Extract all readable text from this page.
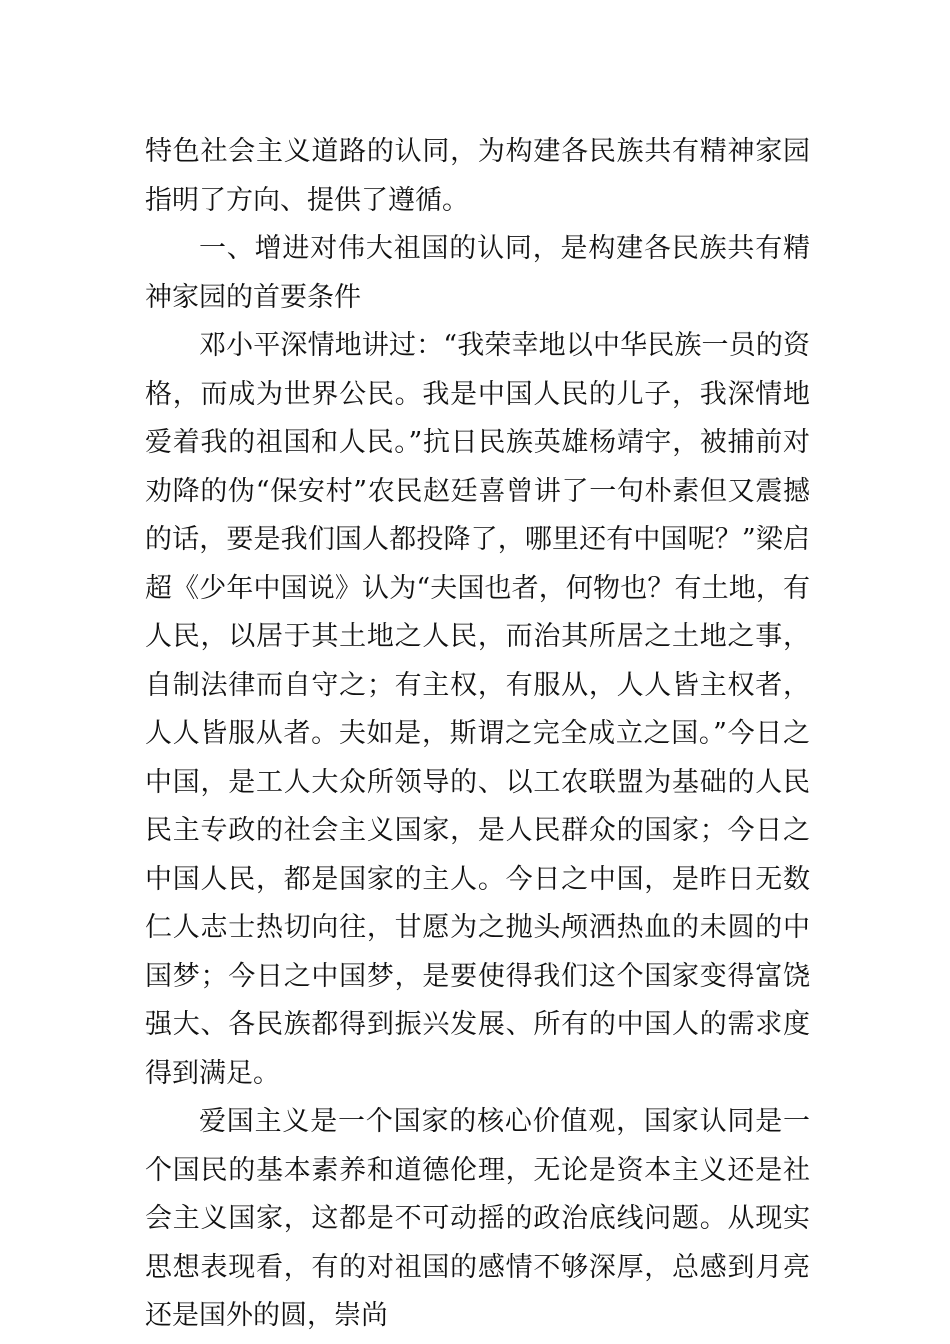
特色社会主义道路的认同，为构建各民族共有精神家园指明了方向、提供了遵循。

一、增进对伟大祖国的认同，是构建各民族共有精神家园的首要条件

邓小平深情地讲过：“我荣幸地以中华民族一员的资格，而成为世界公民。我是中国人民的儿子，我深情地爱着我的祖国和人民。”抗日民族英雄杨靖宇，被捕前对劝降的伪“保安村”农民赵廷喜曾讲了一句朴素但又震撼的话，要是我们国人都投降了，哪里还有中国呢？”梁启超《少年中国说》认为“夫国也者，何物也？有土地，有人民，以居于其土地之人民，而治其所居之土地之事，自制法律而自守之；有主权，有服从，人人皆主权者，人人皆服从者。夫如是，斯谓之完全成立之国。”今日之中国，是工人大众所领导的、以工农联盟为基础的人民民主专政的社会主义国家，是人民群众的国家；今日之中国人民，都是国家的主人。今日之中国，是昨日无数仁人志士热切向往，甘愿为之抛头颅洒热血的未圆的中国梦；今日之中国梦，是要使得我们这个国家变得富饶强大、各民族都得到振兴发展、所有的中国人的需求度得到满足。

爱国主义是一个国家的核心价值观，国家认同是一个国民的基本素养和道德伦理，无论是资本主义还是社会主义国家，这都是不可动摇的政治底线问题。从现实思想表现看，有的对祖国的感情不够深厚，总感到月亮还是国外的圆，崇尚
